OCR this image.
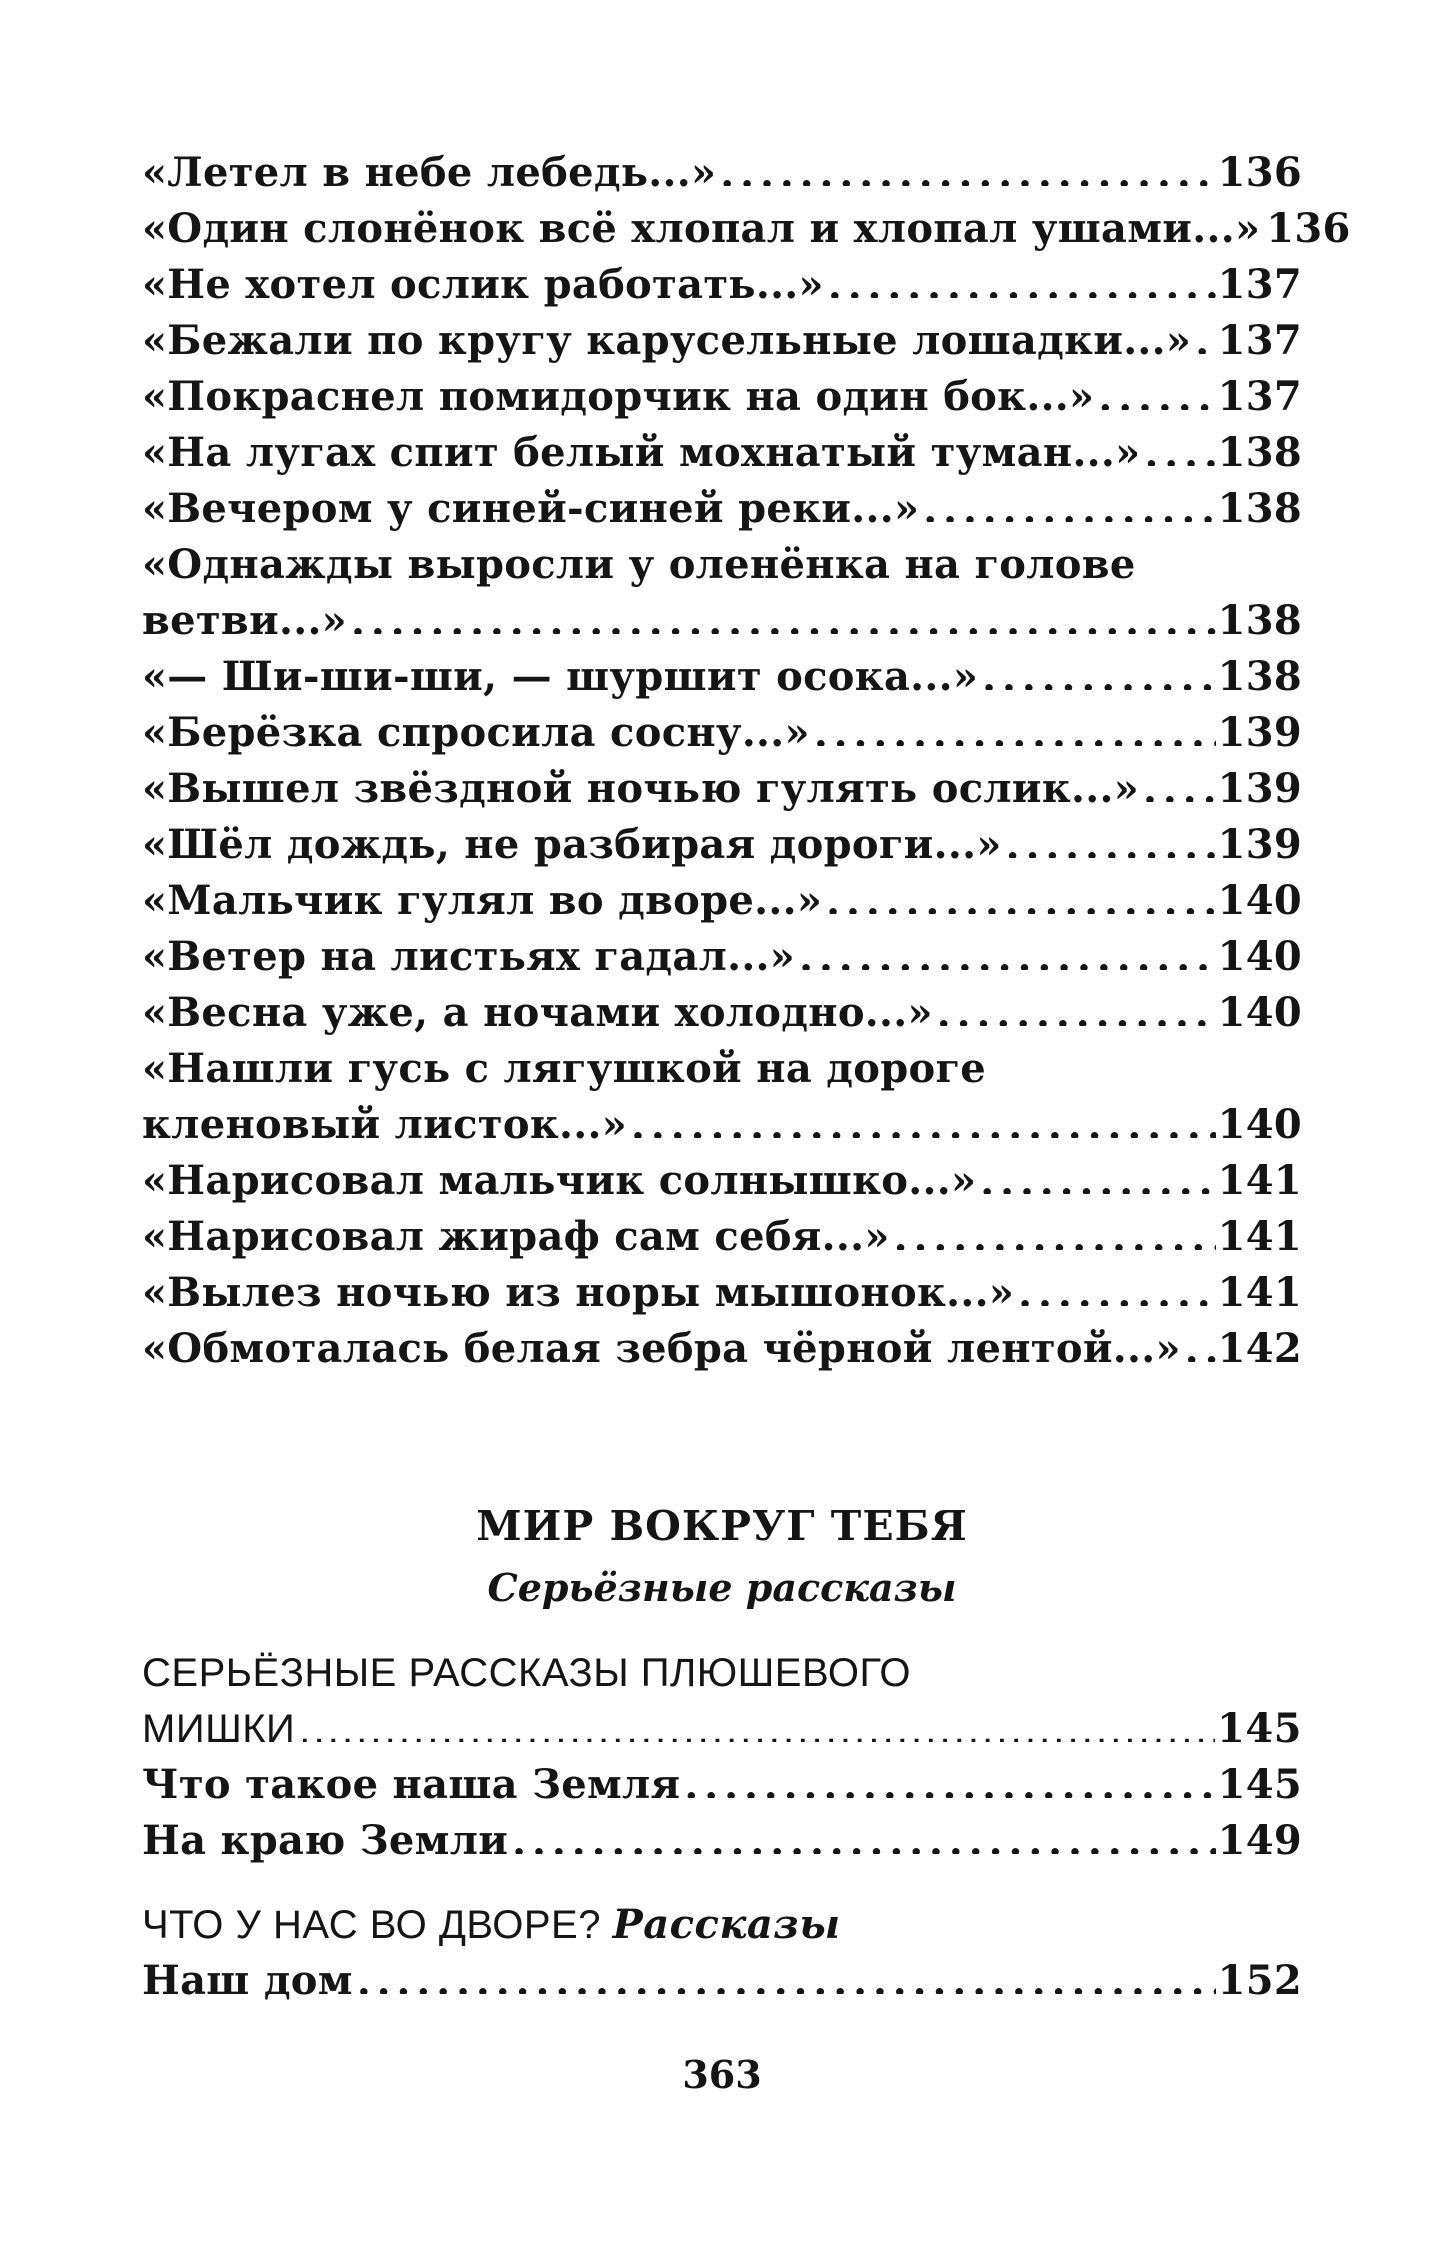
«Летел в небе лебедь...» . . .	136
«Один слонёнок всё хлопал и хлопал ушами...» 136
«Не хотел ослик работать...» . . .	137
«Бежали по кругу карусельные лошадки...» . . . 137
«Покраснел помидорчик на один бок...» . . .	137
«На лугах спит белый мохнатый туман...» . . . 138
«Вечером у синей-синей реки...» . . .	138
«Однажды выросли у оленёнка на голове
ветви...» . . .	138
«— Ши-ши-ши, — шуршит осока...» . . .	138
«Берёзка спросила сосну...» . . .	139
«Вышел звёздной ночью гулять ослик...» . . . 139
«Шёл дождь, не разбирая дороги...» . . .	139
«Мальчик гулял во дворе...» . . .	140
«Ветер на листьях гадал...» . . .	140
«Весна уже, а ночами холодно...» . . .	140
«Нашли гусь с лягушкой на дороге
кленовый листок...» . . .	140
«Нарисовал мальчик солнышко...» . . .	141
«Нарисовал жираф сам себя...» . . .	141
«Вылез ночью из норы мышонок...» . . .	141
«Обмоталась белая зебра чёрной лентой...» . . . 142
МИР ВОКРУГ ТЕБЯ
Серьёзные рассказы
СЕРЬЁЗНЫЕ РАССКАЗЫ ПЛЮШЕВОГО
МИШКИ . . .	145
Что такое наша Земля . . .	145
На краю Земли . . .	149
ЧТО У НАС ВО ДВОРЕ? Рассказы
Наш дом . . .	152
363
